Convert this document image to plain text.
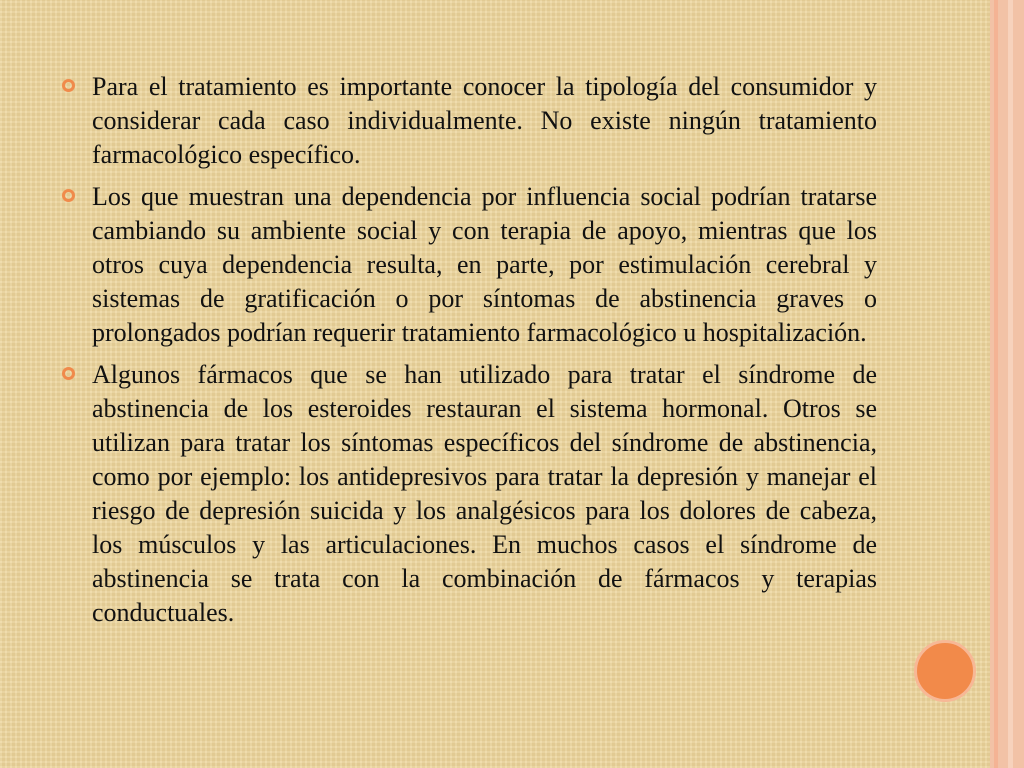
Para el tratamiento es importante conocer la tipología del consumidor y considerar cada caso individualmente. No existe ningún tratamiento farmacológico específico.
Los que muestran una dependencia por influencia social podrían tratarse cambiando su ambiente social y con terapia de apoyo, mientras que los otros cuya dependencia resulta, en parte, por estimulación cerebral y sistemas de gratificación o por síntomas de abstinencia graves o prolongados podrían requerir tratamiento farmacológico u hospitalización.
Algunos fármacos que se han utilizado para tratar el síndrome de abstinencia de los esteroides restauran el sistema hormonal. Otros se utilizan para tratar los síntomas específicos del síndrome de abstinencia, como por ejemplo: los antidepresivos para tratar la depresión y manejar el riesgo de depresión suicida y los analgésicos para los dolores de cabeza, los músculos y las articulaciones. En muchos casos el síndrome de abstinencia se trata con la combinación de fármacos y terapias conductuales.
